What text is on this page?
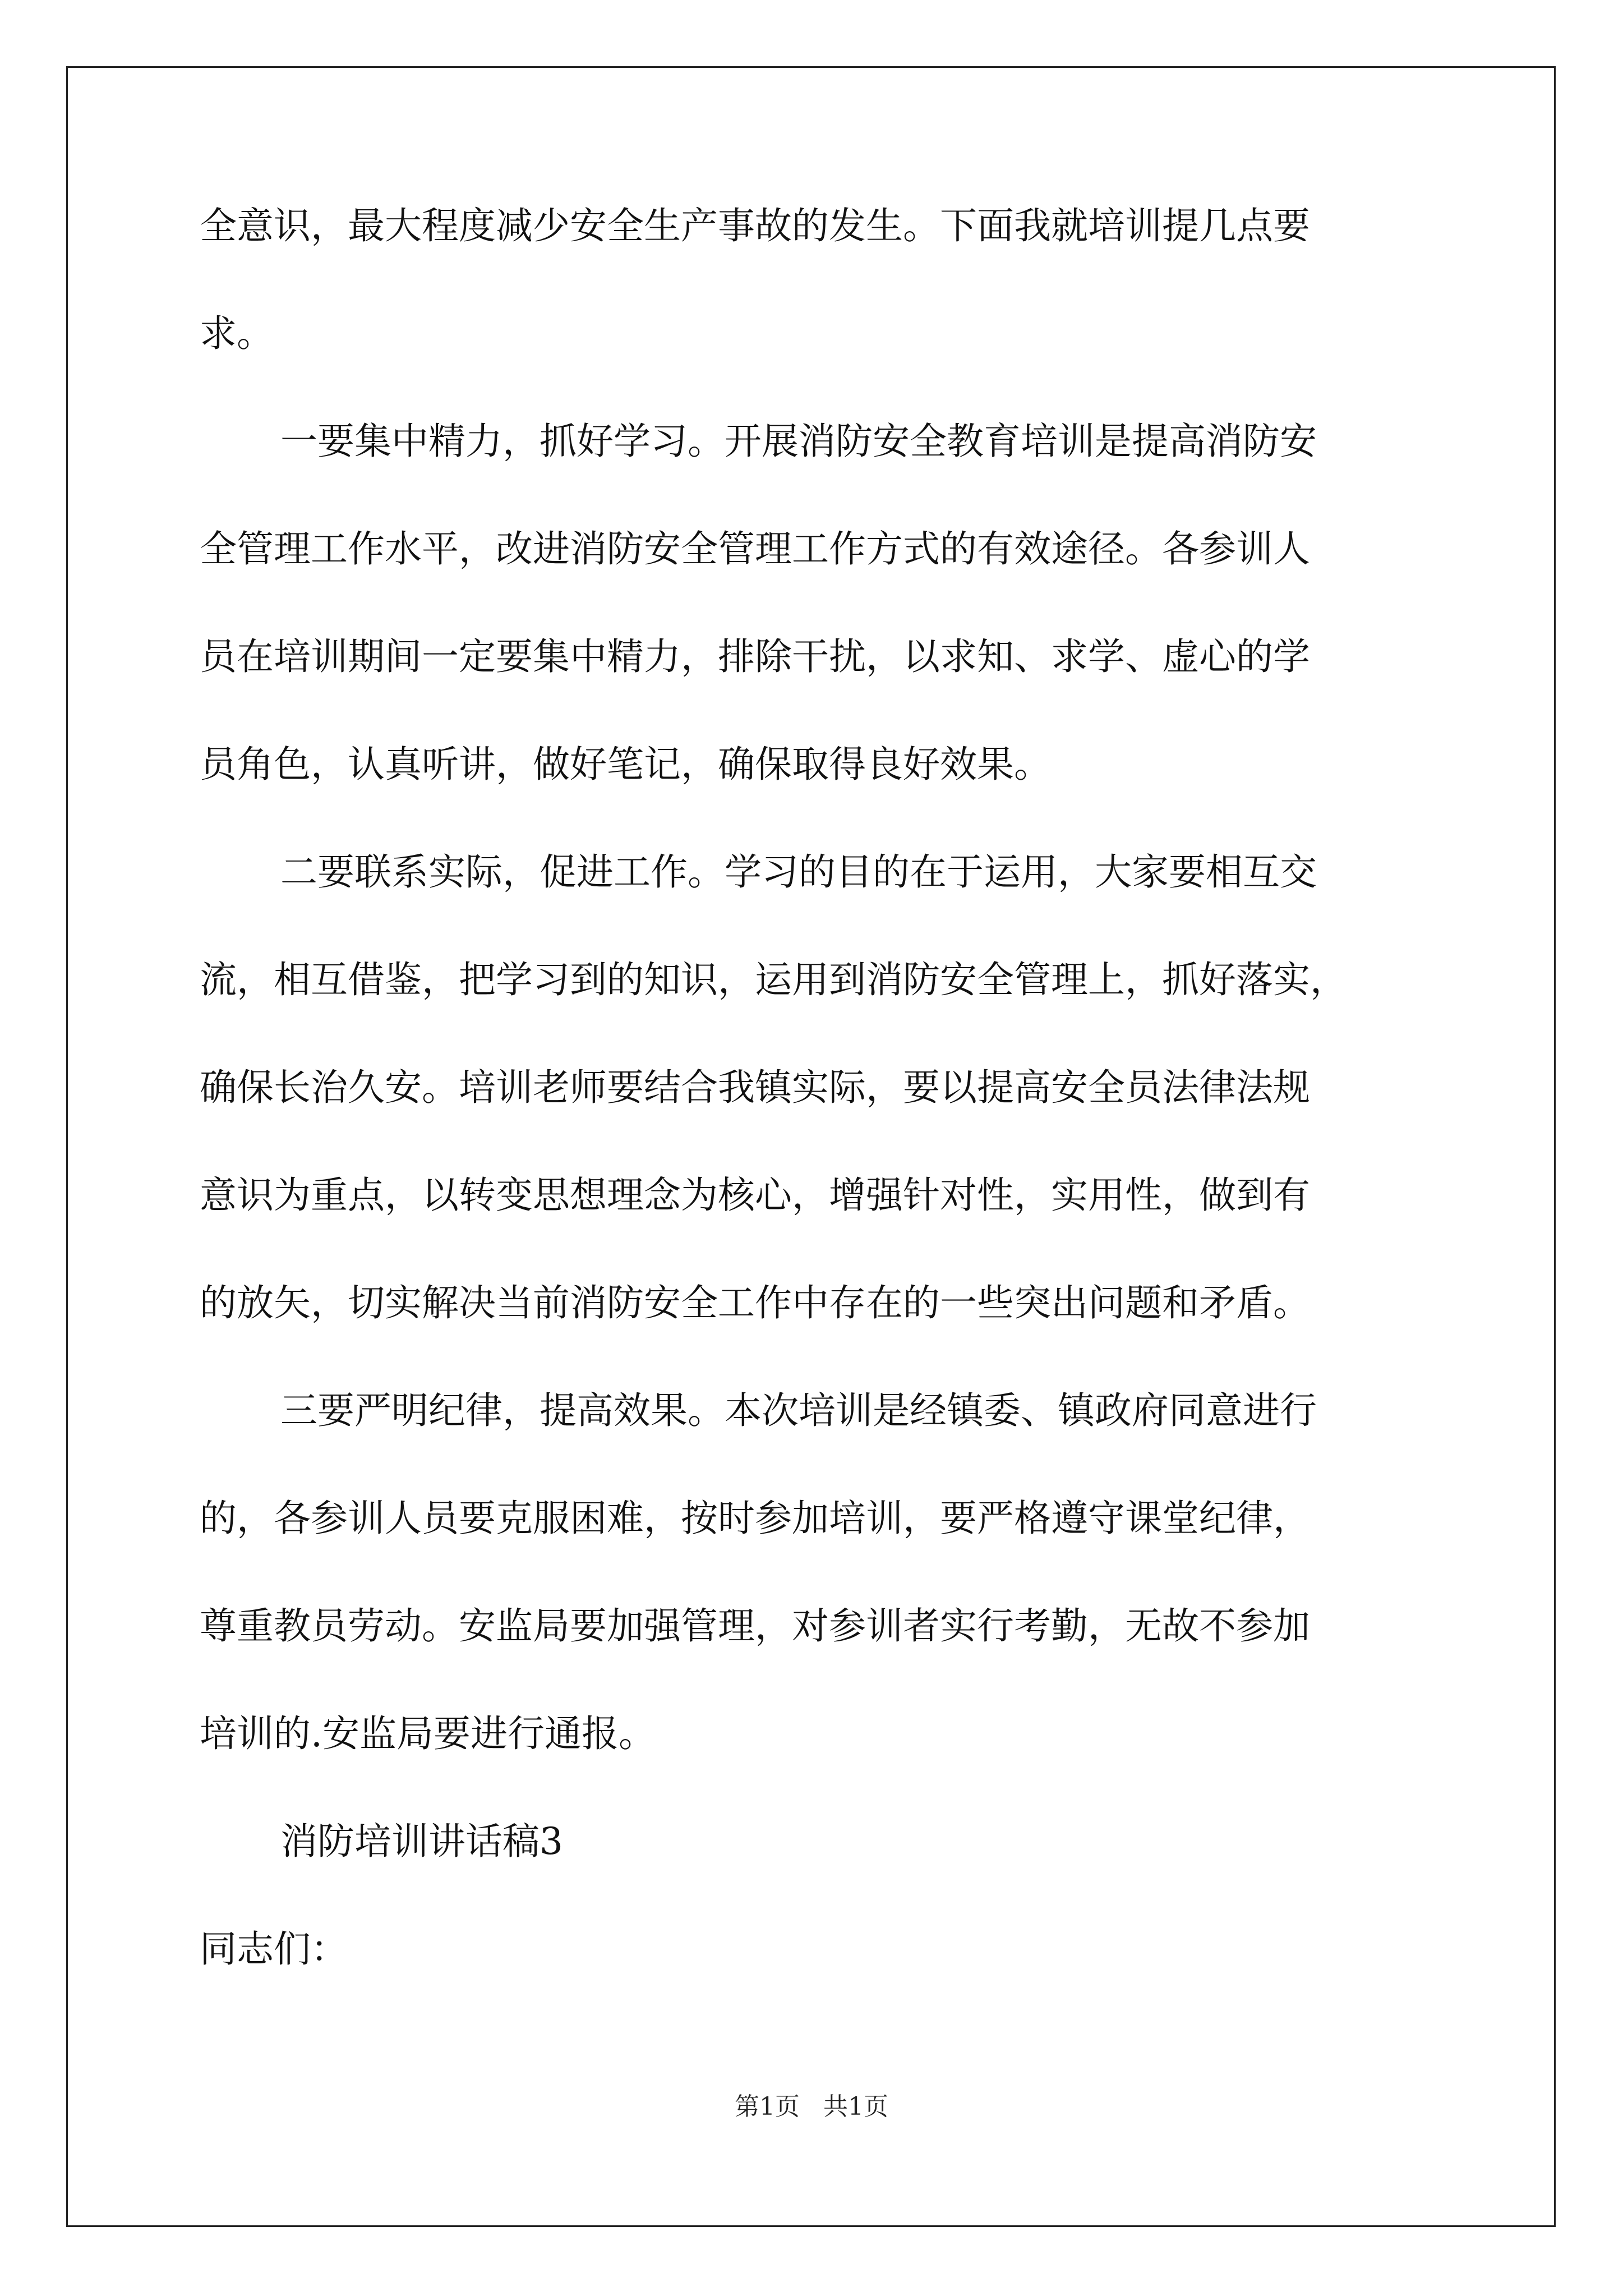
全意识，最大程度减少安全生产事故的发生。下面我就培训提几点要
求。
一要集中精力，抓好学习。开展消防安全教育培训是提高消防安
全管理工作水平，改进消防安全管理工作方式的有效途径。各参训人
员在培训期间一定要集中精力，排除干扰，以求知、求学、虚心的学
员角色，认真听讲，做好笔记，确保取得良好效果。
二要联系实际，促进工作。学习的目的在于运用，大家要相互交
流，相互借鉴，把学习到的知识，运用到消防安全管理上，抓好落实，
确保长治久安。培训老师要结合我镇实际，要以提高安全员法律法规
意识为重点，以转变思想理念为核心，增强针对性，实用性，做到有
的放矢，切实解决当前消防安全工作中存在的一些突出问题和矛盾。
三要严明纪律，提高效果。本次培训是经镇委、镇政府同意进行
的，各参训人员要克服困难，按时参加培训，要严格遵守课堂纪律，
尊重教员劳动。安监局要加强管理，对参训者实行考勤，无故不参加
培训的.安监局要进行通报。
消防培训讲话稿3
同志们：
第1页   共1页
